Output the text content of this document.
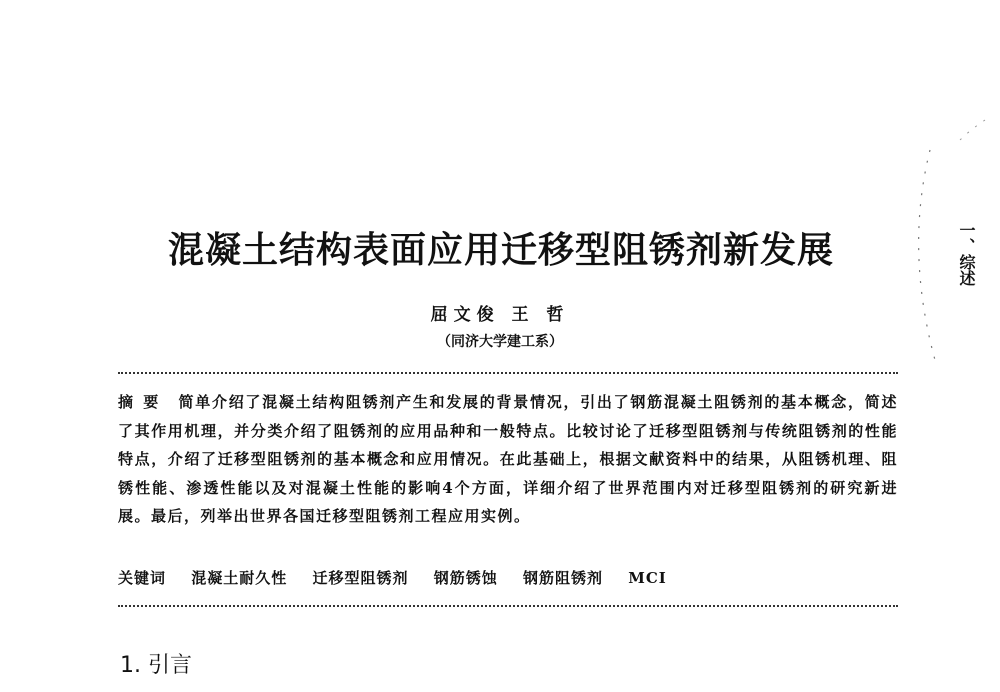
混凝土结构表面应用迁移型阻锈剂新发展
屈文俊 王 哲
（同济大学建工系）
摘要 简单介绍了混凝土结构阻锈剂产生和发展的背景情况，引出了钢筋混凝土阻锈剂的基本概念，简述了其作用机理，并分类介绍了阻锈剂的应用品种和一般特点。比较讨论了迁移型阻锈剂与传统阻锈剂的性能特点，介绍了迁移型阻锈剂的基本概念和应用情况。在此基础上，根据文献资料中的结果，从阻锈机理、阻锈性能、渗透性能以及对混凝土性能的影响4个方面，详细介绍了世界范围内对迁移型阻锈剂的研究新进展。最后，列举出世界各国迁移型阻锈剂工程应用实例。
关键词 混凝土耐久性 迁移型阻锈剂 钢筋锈蚀 钢筋阻锈剂 MCI
1. 引言
一、综述
